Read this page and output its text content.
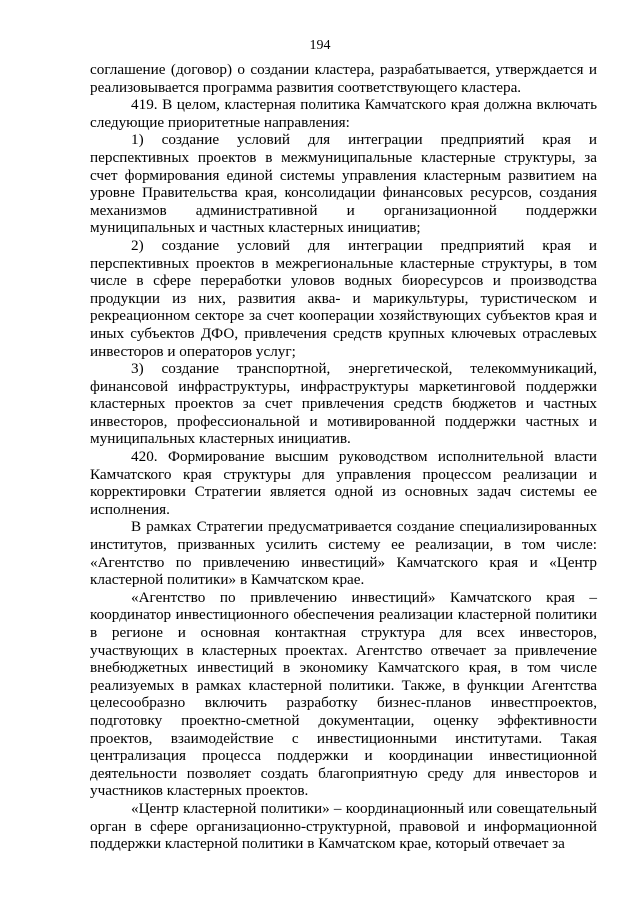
194

соглашение (договор) о создании кластера, разрабатывается, утверждается и реализовывается программа развития соответствующего кластера.

419. В целом, кластерная политика Камчатского края должна включать следующие приоритетные направления:

1) создание условий для интеграции предприятий края и перспективных проектов в межмуниципальные кластерные структуры, за счет формирования единой системы управления кластерным развитием на уровне Правительства края, консолидации финансовых ресурсов, создания механизмов административной и организационной поддержки муниципальных и частных кластерных инициатив;

2) создание условий для интеграции предприятий края и перспективных проектов в межрегиональные кластерные структуры, в том числе в сфере переработки уловов водных биоресурсов и производства продукции из них, развития аква- и марикультуры, туристическом и рекреационном секторе за счет кооперации хозяйствующих субъектов края и иных субъектов ДФО, привлечения средств крупных ключевых отраслевых инвесторов и операторов услуг;

3) создание транспортной, энергетической, телекоммуникаций, финансовой инфраструктуры, инфраструктуры маркетинговой поддержки кластерных проектов за счет привлечения средств бюджетов и частных инвесторов, профессиональной и мотивированной поддержки частных и муниципальных кластерных инициатив.

420. Формирование высшим руководством исполнительной власти Камчатского края структуры для управления процессом реализации и корректировки Стратегии является одной из основных задач системы ее исполнения.

В рамках Стратегии предусматривается создание специализированных институтов, призванных усилить систему ее реализации, в том числе: «Агентство по привлечению инвестиций» Камчатского края и «Центр кластерной политики» в Камчатском крае.

«Агентство по привлечению инвестиций» Камчатского края – координатор инвестиционного обеспечения реализации кластерной политики в регионе и основная контактная структура для всех инвесторов, участвующих в кластерных проектах. Агентство отвечает за привлечение внебюджетных инвестиций в экономику Камчатского края, в том числе реализуемых в рамках кластерной политики. Также, в функции Агентства целесообразно включить разработку бизнес-планов инвестпроектов, подготовку проектно-сметной документации, оценку эффективности проектов, взаимодействие с инвестиционными институтами. Такая централизация процесса поддержки и координации инвестиционной деятельности позволяет создать благоприятную среду для инвесторов и участников кластерных проектов.

«Центр кластерной политики» – координационный или совещательный орган в сфере организационно-структурной, правовой и информационной поддержки кластерной политики в Камчатском крае, который отвечает за
